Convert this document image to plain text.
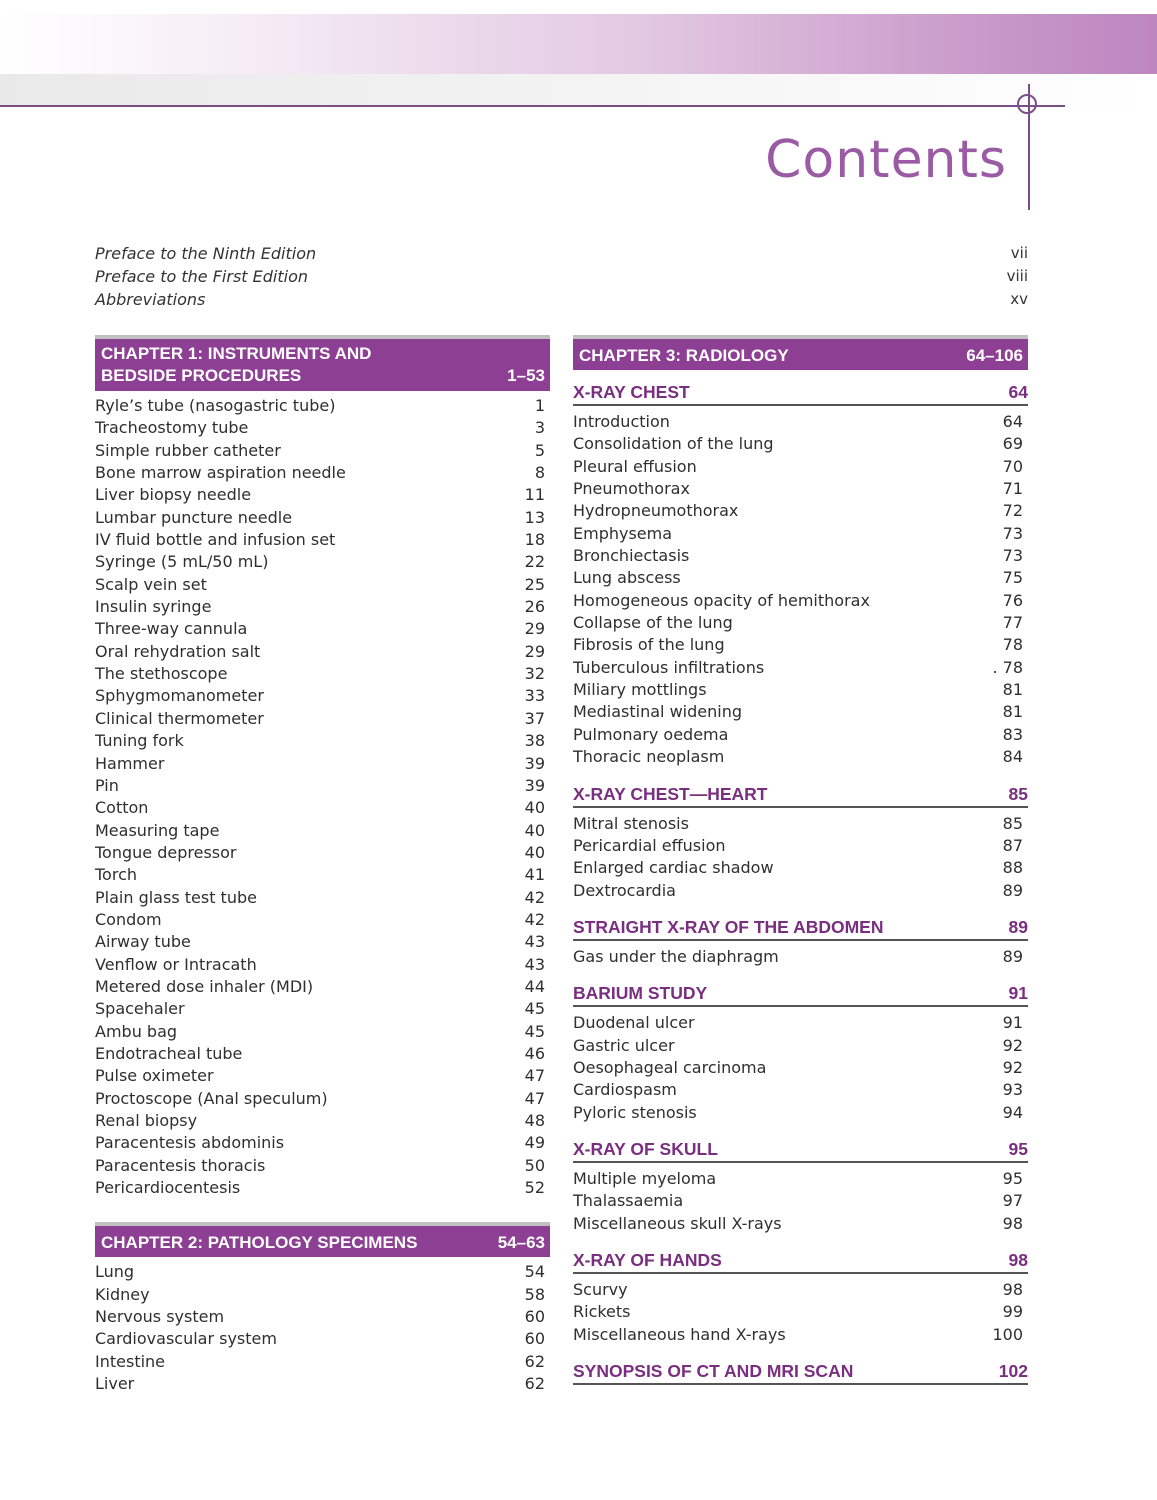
Contents
Preface to the Ninth Edition	vii
Preface to the First Edition	viii
Abbreviations	xv
CHAPTER 1: INSTRUMENTS AND
BEDSIDE PROCEDURES	1–53
Ryle’s tube (nasogastric tube)	1
Tracheostomy tube	3
Simple rubber catheter	5
Bone marrow aspiration needle	8
Liver biopsy needle	11
Lumbar puncture needle	13
IV fluid bottle and infusion set	18
Syringe (5 mL/50 mL)	22
Scalp vein set	25
Insulin syringe	26
Three-way cannula	29
Oral rehydration salt	29
The stethoscope	32
Sphygmomanometer	33
Clinical thermometer	37
Tuning fork	38
Hammer	39
Pin	39
Cotton	40
Measuring tape	40
Tongue depressor	40
Torch	41
Plain glass test tube	42
Condom	42
Airway tube	43
Venflow or Intracath	43
Metered dose inhaler (MDI)	44
Spacehaler	45
Ambu bag	45
Endotracheal tube	46
Pulse oximeter	47
Proctoscope (Anal speculum)	47
Renal biopsy	48
Paracentesis abdominis	49
Paracentesis thoracis	50
Pericardiocentesis	52
CHAPTER 2: PATHOLOGY SPECIMENS	54–63
Lung	54
Kidney	58
Nervous system	60
Cardiovascular system	60
Intestine	62
Liver	62
CHAPTER 3: RADIOLOGY	64–106
X-RAY CHEST	64
Introduction	64
Consolidation of the lung	69
Pleural effusion	70
Pneumothorax	71
Hydropneumothorax	72
Emphysema	73
Bronchiectasis	73
Lung abscess	75
Homogeneous opacity of hemithorax	76
Collapse of the lung	77
Fibrosis of the lung	78
Tuberculous infiltrations	. 78
Miliary mottlings	81
Mediastinal widening	81
Pulmonary oedema	83
Thoracic neoplasm	84
X-RAY CHEST—HEART	85
Mitral stenosis	85
Pericardial effusion	87
Enlarged cardiac shadow	88
Dextrocardia	89
STRAIGHT X-RAY OF THE ABDOMEN	89
Gas under the diaphragm	89
BARIUM STUDY	91
Duodenal ulcer	91
Gastric ulcer	92
Oesophageal carcinoma	92
Cardiospasm	93
Pyloric stenosis	94
X-RAY OF SKULL	95
Multiple myeloma	95
Thalassaemia	97
Miscellaneous skull X-rays	98
X-RAY OF HANDS	98
Scurvy	98
Rickets	99
Miscellaneous hand X-rays	100
SYNOPSIS OF CT AND MRI SCAN	102
